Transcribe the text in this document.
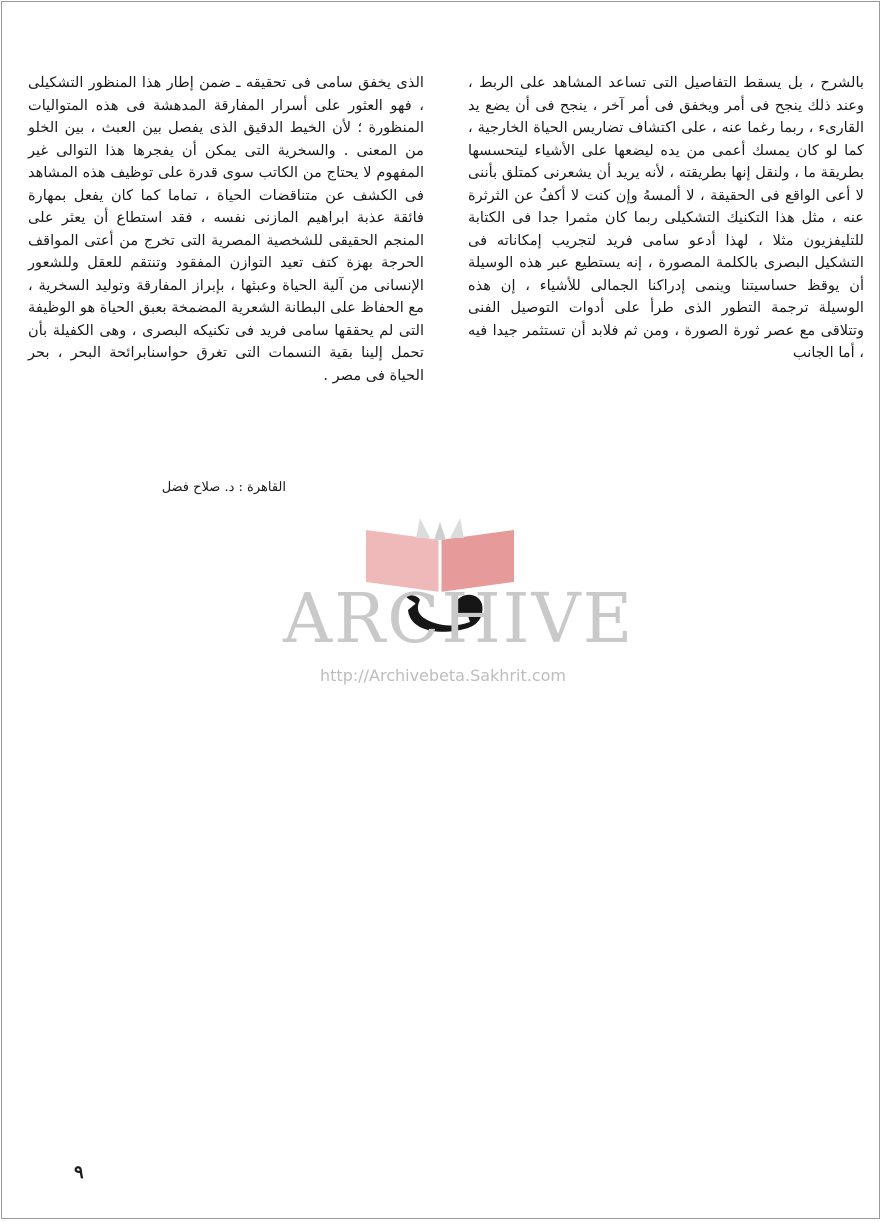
بالشرح ، بل يسقط التفاصيل التى تساعد المشاهد على الربط ، وعند ذلك ينجح فى أمر ويخفق فى أمر آخر ، ينجح فى أن يضع يد القارىء ، ربما رغما عنه ، على اكتشاف تضاريس الحياة الخارجية ، كما لو كان يمسك أعمى من يده ليضعها على الأشياء ليتحسسها بطريقة ما ، ولنقل إنها بطريقته ، لأنه يريد أن يشعرنى كمتلق بأننى لا أعى الواقع فى الحقيقة ، لا ألمسهُ وإن كنت لا أكفُ عن الثرثرة عنه ، مثل هذا التكنيك التشكيلى ربما كان مثمرا جدا فى الكتابة للتليفزيون مثلا ، لهذا أدعو سامى فريد لتجريب إمكاناته فى التشكيل البصرى بالكلمة المصورة ، إنه يستطيع عبر هذه الوسيلة أن يوقظ حساسيتنا وينمى إدراكنا الجمالى للأشياء ، إن هذه الوسيلة ترجمة التطور الذى طرأ على أدوات التوصيل الفنى وتتلاقى مع عصر ثورة الصورة ، ومن ثم فلابد أن تستثمر جيدا فيه ، أما الجانب

الذى يخفق سامى فى تحقيقه ـ ضمن إطار هذا المنظور التشكيلى ، فهو العثور على أسرار المفارقة المدهشة فى هذه المتواليات المنظورة ؛ لأن الخيط الدقيق الذى يفصل بين العبث ، بين الخلو من المعنى . والسخرية التى يمكن أن يفجرها هذا التوالى غير المفهوم لا يحتاج من الكاتب سوى قدرة على توظيف هذه المشاهد فى الكشف عن متناقضات الحياة ، تماما كما كان يفعل بمهارة فائقة عذبة ابراهيم المازنى نفسه ، فقد استطاع أن يعثر على المنجم الحقيقى للشخصية المصرية التى تخرج من أعتى المواقف الحرجة بهزة كتف تعيد التوازن المفقود وتنتقم للعقل وللشعور الإنسانى من آلية الحياة وعبثها ، بإبراز المفارقة وتوليد السخرية ، مع الحفاظ على البطانة الشعرية المضمخة بعبق الحياة هو الوظيفة التى لم يحققها سامى فريد فى تكنيكه البصرى ، وهى الكفيلة بأن تحمل إلينا بقية النسمات التى تغرق حواسنابرائحة البحر ، بحر الحياة فى مصر .

القاهرة : د. صلاح فضل
ARCHIVE
http://Archivebeta.Sakhrit.com
٩
